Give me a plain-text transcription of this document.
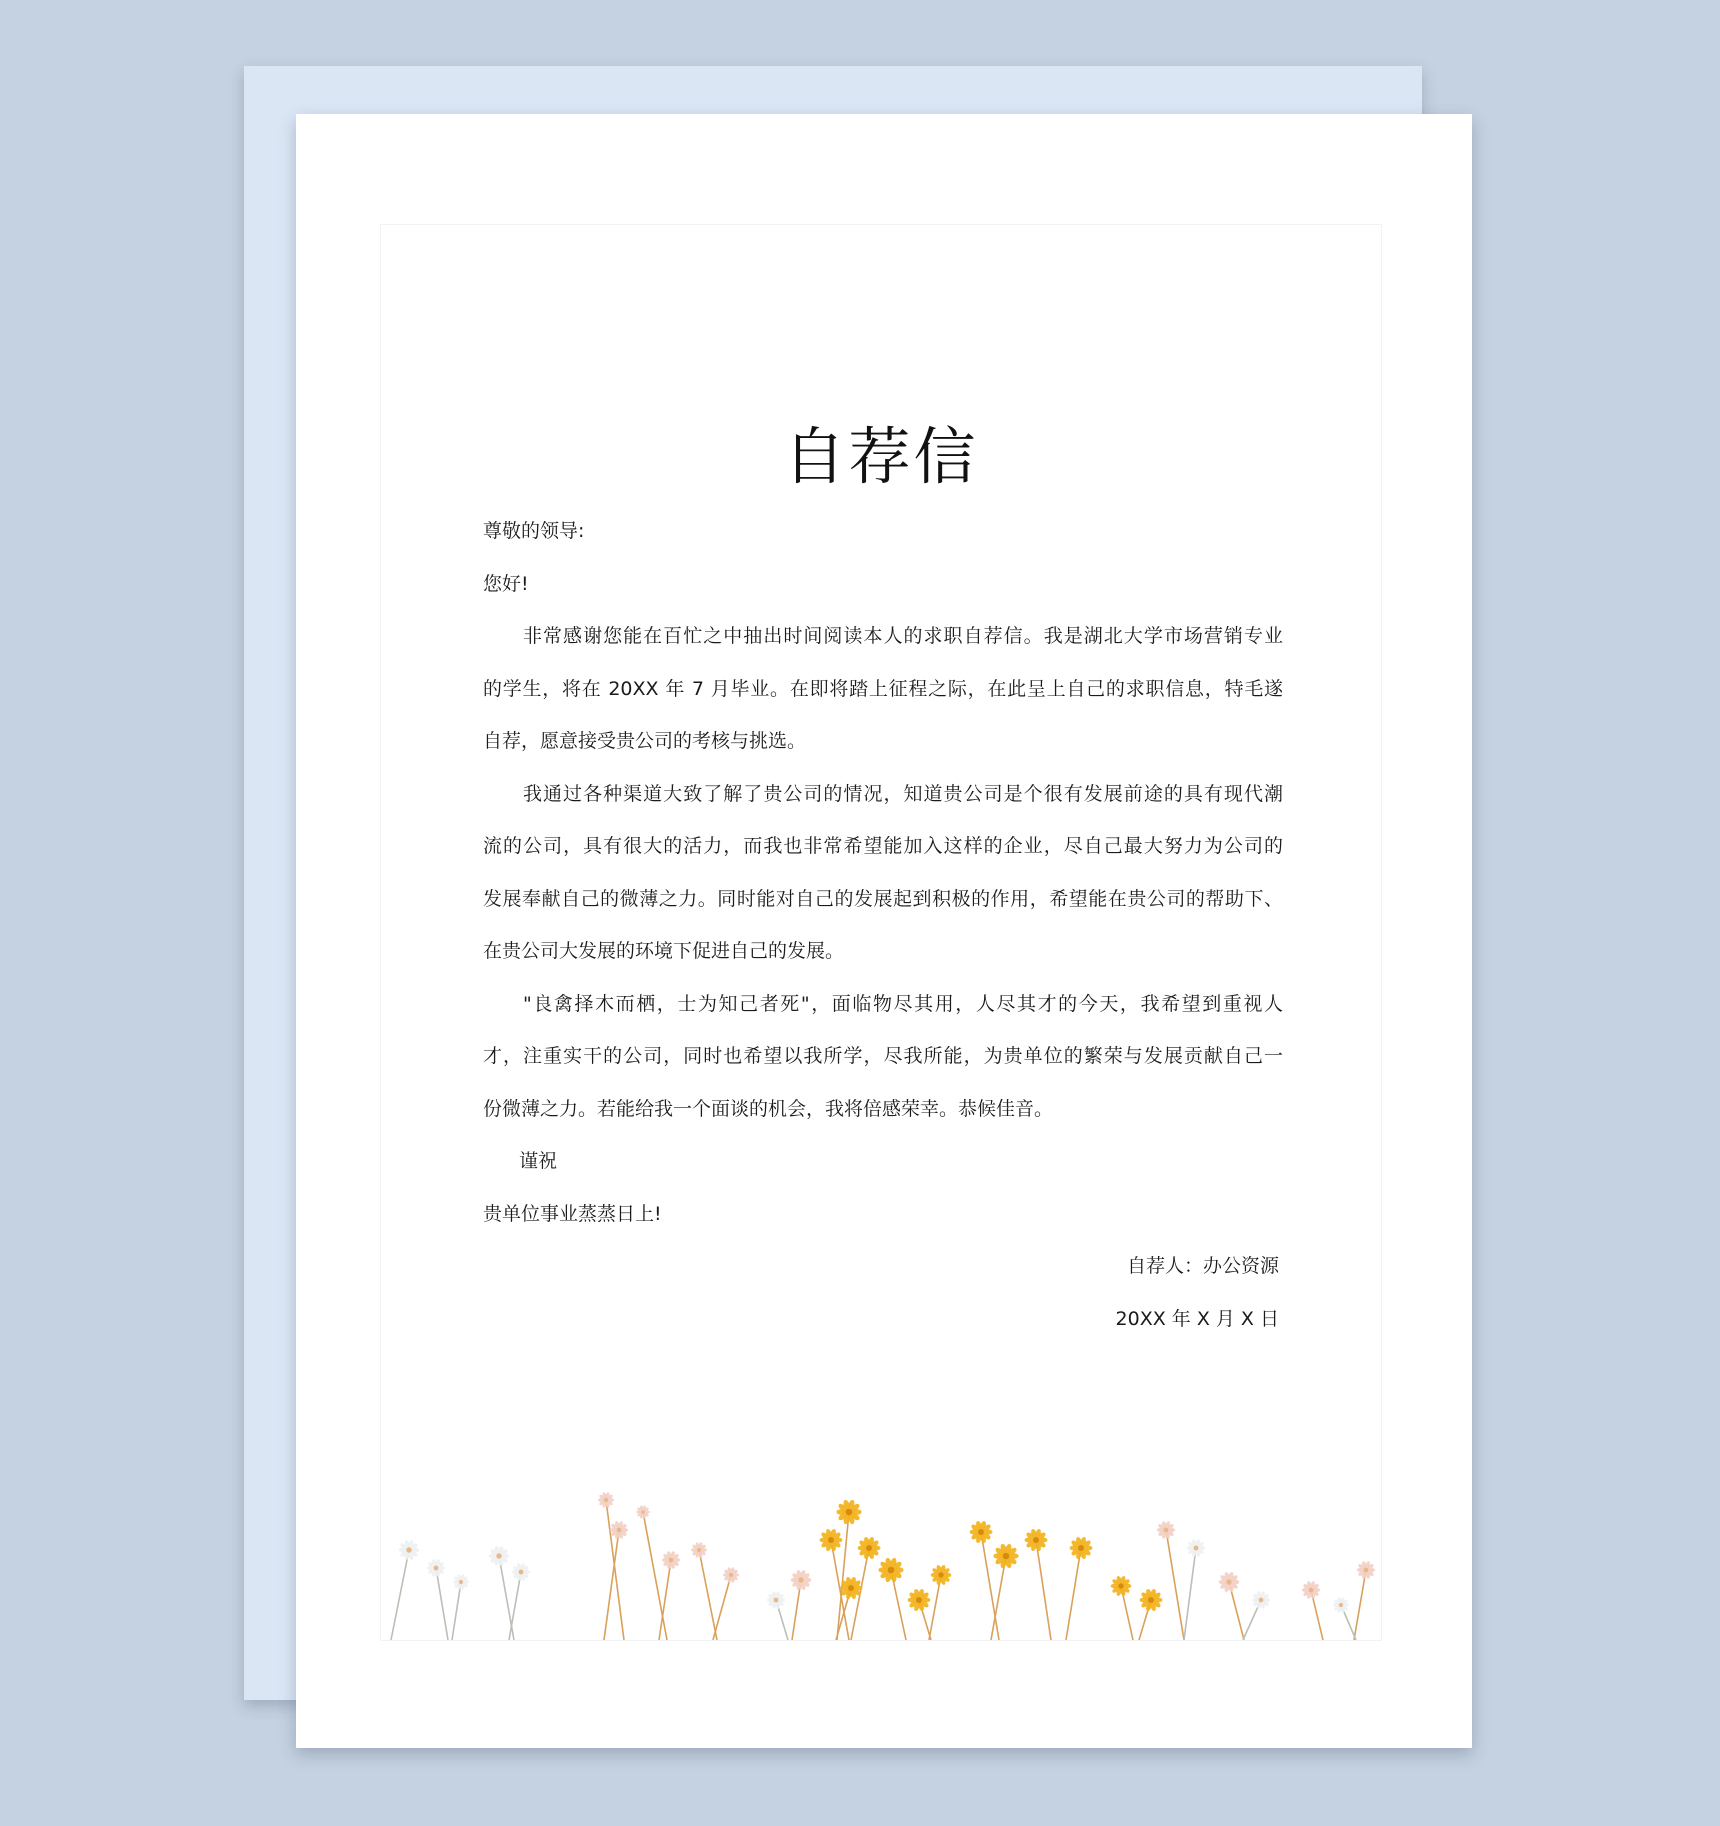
自荐信
尊敬的领导:
您好!
非常感谢您能在百忙之中抽出时间阅读本人的求职自荐信。我是湖北大学市场营销专业
的学生，将在 20XX 年 7 月毕业。在即将踏上征程之际，在此呈上自己的求职信息，特毛遂
自荐，愿意接受贵公司的考核与挑选。
我通过各种渠道大致了解了贵公司的情况，知道贵公司是个很有发展前途的具有现代潮
流的公司，具有很大的活力，而我也非常希望能加入这样的企业，尽自己最大努力为公司的
发展奉献自己的微薄之力。同时能对自己的发展起到积极的作用，希望能在贵公司的帮助下、
在贵公司大发展的环境下促进自己的发展。
"良禽择木而栖，士为知己者死"，面临物尽其用，人尽其才的今天，我希望到重视人
才，注重实干的公司，同时也希望以我所学，尽我所能，为贵单位的繁荣与发展贡献自己一
份微薄之力。若能给我一个面谈的机会，我将倍感荣幸。恭候佳音。
谨祝
贵单位事业蒸蒸日上!
自荐人：办公资源
20XX 年 X 月 X 日
